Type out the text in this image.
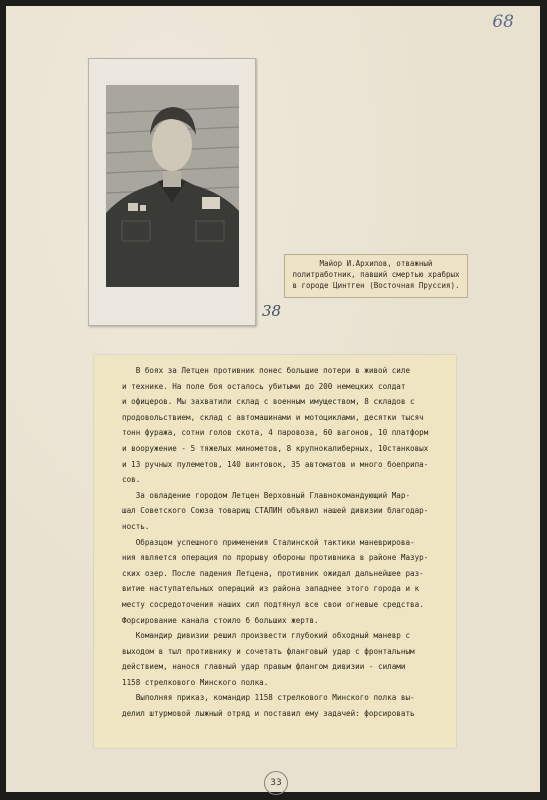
68
38
Майор И.Архипов, отважный политработник, павший смертью храбрых в городе Цинтген (Восточная Пруссия).
В боях за Летцен противник понес большие потери в живой силе
и технике. На поле боя осталось убитыми до 200 немецких солдат
и офицеров. Мы захватили склад с военным имуществом, 8 складов с
продовольствием, склад с автомашинами и мотоциклами, десятки тысяч
тонн фуража, сотни голов скота, 4 паровоза, 60 вагонов, 10 платформ
и вооружение - 5 тяжелых минометов, 8 крупнокалиберных, 10станковых
и 13 ручных пулеметов, 140 винтовок, 35 автоматов и много боеприпа-
сов.
За овладение городом Летцен Верховный Главнокомандующий Мар-
шал Советского Союза товарищ СТАЛИН объявил нашей дивизии благодар-
ность.
Образцом успешного применения Сталинской тактики маневрирова-
ния является операция по прорыву обороны противника в районе Мазур-
ских озер. После падения Летцена, противник ожидал дальнейшее раз-
витие наступательных операций из района западнее этого города и к
месту сосредоточения наших сил подтянул все свои огневые средства.
Форсирование канала стоило б больших жертв.
Командир дивизии решил произвести глубокий обходный маневр с
выходом в тыл противнику и сочетать фланговый удар с фронтальным
действием, нанося главный удар правым флангом дивизии - силами
1158 стрелкового Минского полка.
Выполняя приказ, командир 1158 стрелкового Минского полка вы-
делил штурмовой лыжный отряд и поставил ему задачей: форсировать
33
